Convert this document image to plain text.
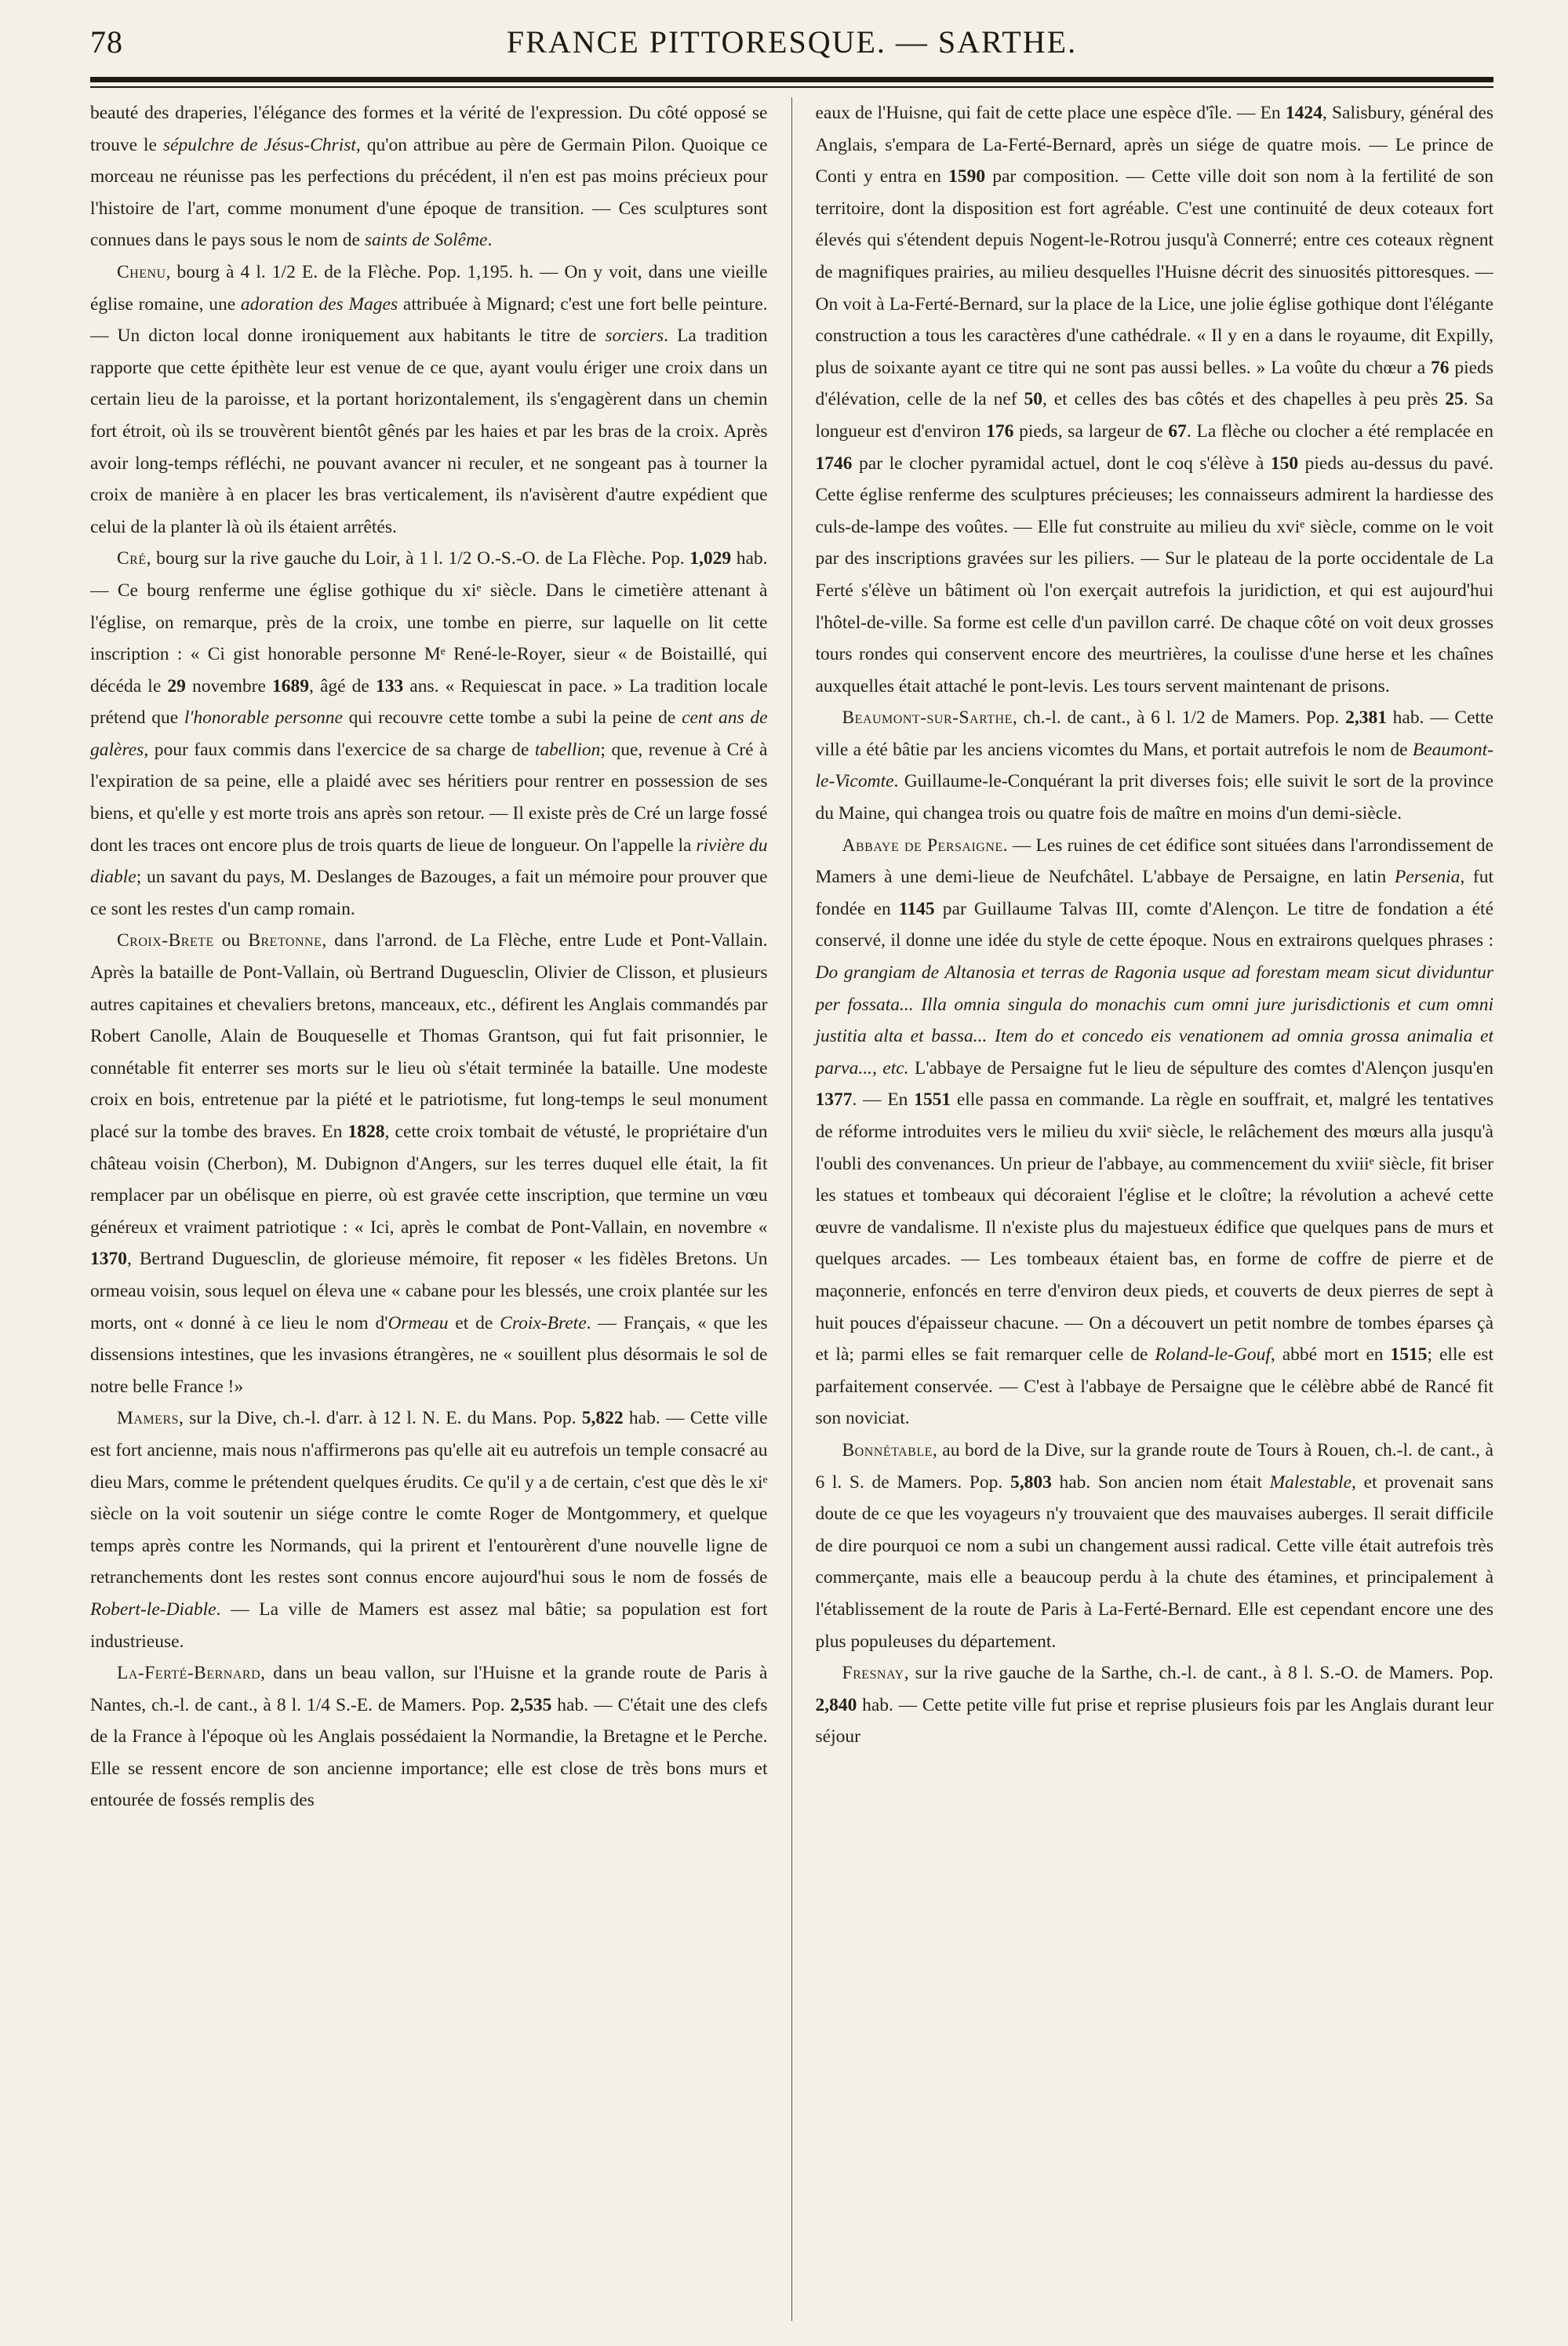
78	FRANCE PITTORESQUE. — SARTHE.

beauté des draperies, l'élégance des formes et la vérité de l'expression. Du côté opposé se trouve le sépulchre de Jésus-Christ, qu'on attribue au père de Germain Pilon. Quoique ce morceau ne réunisse pas les perfections du précédent, il n'en est pas moins précieux pour l'histoire de l'art, comme monument d'une époque de transition. — Ces sculptures sont connues dans le pays sous le nom de saints de Solême.

Chenu, bourg à 4 l. 1/2 E. de la Flèche. Pop. 1,195. h. — On y voit, dans une vieille église romaine, une adoration des Mages attribuée à Mignard; c'est une fort belle peinture. — Un dicton local donne ironiquement aux habitants le titre de sorciers. La tradition rapporte que cette épithète leur est venue de ce que, ayant voulu ériger une croix dans un certain lieu de la paroisse, et la portant horizontalement, ils s'engagèrent dans un chemin fort étroit, où ils se trouvèrent bientôt gênés par les haies et par les bras de la croix. Après avoir long-temps réfléchi, ne pouvant avancer ni reculer, et ne songeant pas à tourner la croix de manière à en placer les bras verticalement, ils n'avisèrent d'autre expédient que celui de la planter là où ils étaient arrêtés.

Cré, bourg sur la rive gauche du Loir, à 1 l. 1/2 O.-S.-O. de La Flèche. Pop. 1,029 hab. — Ce bourg renferme une église gothique du xiᵉ siècle. Dans le cimetière attenant à l'église, on remarque, près de la croix, une tombe en pierre, sur laquelle on lit cette inscription : « Ci gist honorable personne Mᵉ René-le-Royer, sieur « de Boistaillé, qui décéda le 29 novembre 1689, âgé de 133 ans. « Requiescat in pace. » La tradition locale prétend que l'honorable personne qui recouvre cette tombe a subi la peine de cent ans de galères, pour faux commis dans l'exercice de sa charge de tabellion; que, revenue à Cré à l'expiration de sa peine, elle a plaidé avec ses héritiers pour rentrer en possession de ses biens, et qu'elle y est morte trois ans après son retour. — Il existe près de Cré un large fossé dont les traces ont encore plus de trois quarts de lieue de longueur. On l'appelle la rivière du diable; un savant du pays, M. Deslanges de Bazouges, a fait un mémoire pour prouver que ce sont les restes d'un camp romain.

Croix-Brete ou Bretonne, dans l'arrond. de La Flèche, entre Lude et Pont-Vallain. Après la bataille de Pont-Vallain, où Bertrand Duguesclin, Olivier de Clisson, et plusieurs autres capitaines et chevaliers bretons, manceaux, etc., défirent les Anglais commandés par Robert Canolle, Alain de Bouqueselle et Thomas Grantson, qui fut fait prisonnier, le connétable fit enterrer ses morts sur le lieu où s'était terminée la bataille. Une modeste croix en bois, entretenue par la piété et le patriotisme, fut long-temps le seul monument placé sur la tombe des braves. En 1828, cette croix tombait de vétusté, le propriétaire d'un château voisin (Cherbon), M. Dubignon d'Angers, sur les terres duquel elle était, la fit remplacer par un obélisque en pierre, où est gravée cette inscription, que termine un vœu généreux et vraiment patriotique : « Ici, après le combat de Pont-Vallain, en novembre « 1370, Bertrand Duguesclin, de glorieuse mémoire, fit reposer « les fidèles Bretons. Un ormeau voisin, sous lequel on éleva une « cabane pour les blessés, une croix plantée sur les morts, ont « donné à ce lieu le nom d'Ormeau et de Croix-Brete. — Français, « que les dissensions intestines, que les invasions étrangères, ne « souillent plus désormais le sol de notre belle France !»

Mamers, sur la Dive, ch.-l. d'arr. à 12 l. N. E. du Mans. Pop. 5,822 hab. — Cette ville est fort ancienne, mais nous n'affirmerons pas qu'elle ait eu autrefois un temple consacré au dieu Mars, comme le prétendent quelques érudits. Ce qu'il y a de certain, c'est que dès le xiᵉ siècle on la voit soutenir un siége contre le comte Roger de Montgommery, et quelque temps après contre les Normands, qui la prirent et l'entourèrent d'une nouvelle ligne de retranchements dont les restes sont connus encore aujourd'hui sous le nom de fossés de Robert-le-Diable. — La ville de Mamers est assez mal bâtie; sa population est fort industrieuse.

La-Ferté-Bernard, dans un beau vallon, sur l'Huisne et la grande route de Paris à Nantes, ch.-l. de cant., à 8 l. 1/4 S.-E. de Mamers. Pop. 2,535 hab. — C'était une des clefs de la France à l'époque où les Anglais possédaient la Normandie, la Bretagne et le Perche. Elle se ressent encore de son ancienne importance; elle est close de très bons murs et entourée de fossés remplis des

eaux de l'Huisne, qui fait de cette place une espèce d'île. — En 1424, Salisbury, général des Anglais, s'empara de La-Ferté-Bernard, après un siége de quatre mois. — Le prince de Conti y entra en 1590 par composition. — Cette ville doit son nom à la fertilité de son territoire, dont la disposition est fort agréable. C'est une continuité de deux coteaux fort élevés qui s'étendent depuis Nogent-le-Rotrou jusqu'à Connerré; entre ces coteaux règnent de magnifiques prairies, au milieu desquelles l'Huisne décrit des sinuosités pittoresques. — On voit à La-Ferté-Bernard, sur la place de la Lice, une jolie église gothique dont l'élégante construction a tous les caractères d'une cathédrale. « Il y en a dans le royaume, dit Expilly, plus de soixante ayant ce titre qui ne sont pas aussi belles. » La voûte du chœur a 76 pieds d'élévation, celle de la nef 50, et celles des bas côtés et des chapelles à peu près 25. Sa longueur est d'environ 176 pieds, sa largeur de 67. La flèche ou clocher a été remplacée en 1746 par le clocher pyramidal actuel, dont le coq s'élève à 150 pieds au-dessus du pavé. Cette église renferme des sculptures précieuses; les connaisseurs admirent la hardiesse des culs-de-lampe des voûtes. — Elle fut construite au milieu du xviᵉ siècle, comme on le voit par des inscriptions gravées sur les piliers. — Sur le plateau de la porte occidentale de La Ferté s'élève un bâtiment où l'on exerçait autrefois la juridiction, et qui est aujourd'hui l'hôtel-de-ville. Sa forme est celle d'un pavillon carré. De chaque côté on voit deux grosses tours rondes qui conservent encore des meurtrières, la coulisse d'une herse et les chaînes auxquelles était attaché le pont-levis. Les tours servent maintenant de prisons.

Beaumont-sur-Sarthe, ch.-l. de cant., à 6 l. 1/2 de Mamers. Pop. 2,381 hab. — Cette ville a été bâtie par les anciens vicomtes du Mans, et portait autrefois le nom de Beaumont-le-Vicomte. Guillaume-le-Conquérant la prit diverses fois; elle suivit le sort de la province du Maine, qui changea trois ou quatre fois de maître en moins d'un demi-siècle.

Abbaye de Persaigne. — Les ruines de cet édifice sont situées dans l'arrondissement de Mamers à une demi-lieue de Neufchâtel. L'abbaye de Persaigne, en latin Persenia, fut fondée en 1145 par Guillaume Talvas III, comte d'Alençon. Le titre de fondation a été conservé, il donne une idée du style de cette époque. Nous en extrairons quelques phrases : Do grangiam de Altanosia et terras de Ragonia usque ad forestam meam sicut dividuntur per fossata... Illa omnia singula do monachis cum omni jure jurisdictionis et cum omni justitia alta et bassa... Item do et concedo eis venationem ad omnia grossa animalia et parva..., etc. L'abbaye de Persaigne fut le lieu de sépulture des comtes d'Alençon jusqu'en 1377. — En 1551 elle passa en commande. La règle en souffrait, et, malgré les tentatives de réforme introduites vers le milieu du xviiᵉ siècle, le relâchement des mœurs alla jusqu'à l'oubli des convenances. Un prieur de l'abbaye, au commencement du xviiiᵉ siècle, fit briser les statues et tombeaux qui décoraient l'église et le cloître; la révolution a achevé cette œuvre de vandalisme. Il n'existe plus du majestueux édifice que quelques pans de murs et quelques arcades. — Les tombeaux étaient bas, en forme de coffre de pierre et de maçonnerie, enfoncés en terre d'environ deux pieds, et couverts de deux pierres de sept à huit pouces d'épaisseur chacune. — On a découvert un petit nombre de tombes éparses çà et là; parmi elles se fait remarquer celle de Roland-le-Gouf, abbé mort en 1515; elle est parfaitement conservée. — C'est à l'abbaye de Persaigne que le célèbre abbé de Rancé fit son noviciat.

Bonnétable, au bord de la Dive, sur la grande route de Tours à Rouen, ch.-l. de cant., à 6 l. S. de Mamers. Pop. 5,803 hab. Son ancien nom était Malestable, et provenait sans doute de ce que les voyageurs n'y trouvaient que des mauvaises auberges. Il serait difficile de dire pourquoi ce nom a subi un changement aussi radical. Cette ville était autrefois très commerçante, mais elle a beaucoup perdu à la chute des étamines, et principalement à l'établissement de la route de Paris à La-Ferté-Bernard. Elle est cependant encore une des plus populeuses du département.

Fresnay, sur la rive gauche de la Sarthe, ch.-l. de cant., à 8 l. S.-O. de Mamers. Pop. 2,840 hab. — Cette petite ville fut prise et reprise plusieurs fois par les Anglais durant leur séjour
